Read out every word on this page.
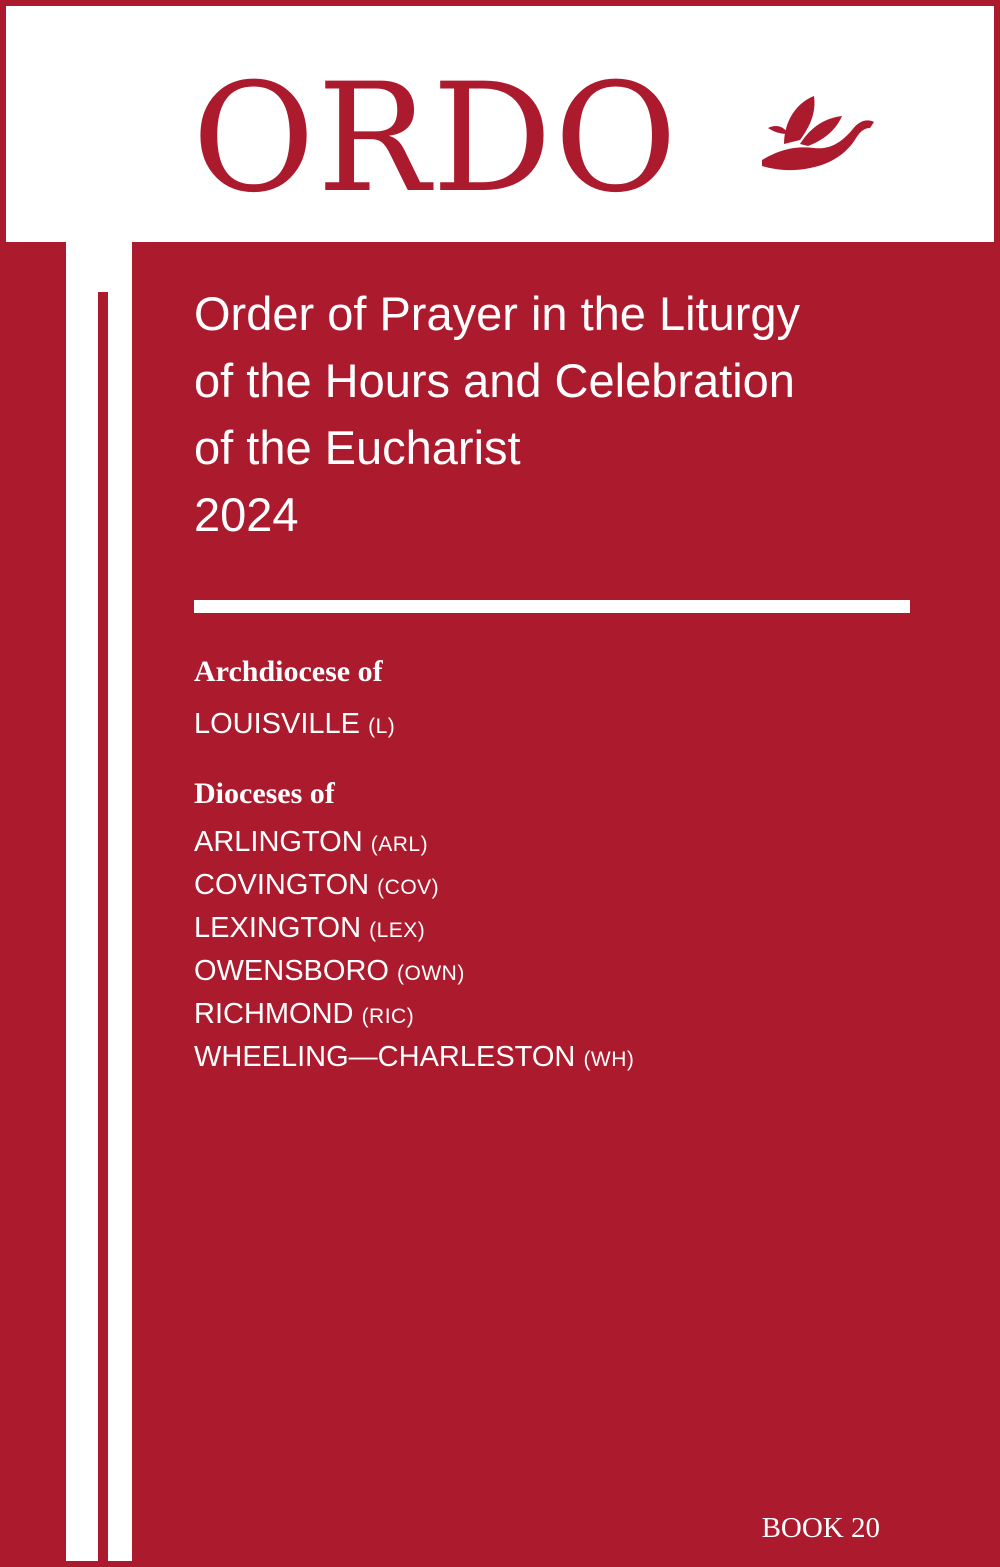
ORDO
Order of Prayer in the Liturgy
of the Hours and Celebration
of the Eucharist
2024
Archdiocese of
LOUISVILLE (L)
Dioceses of
ARLINGTON (ARL)
COVINGTON (COV)
LEXINGTON (LEX)
OWENSBORO (OWN)
RICHMOND (RIC)
WHEELING—CHARLESTON (WH)
BOOK 20
